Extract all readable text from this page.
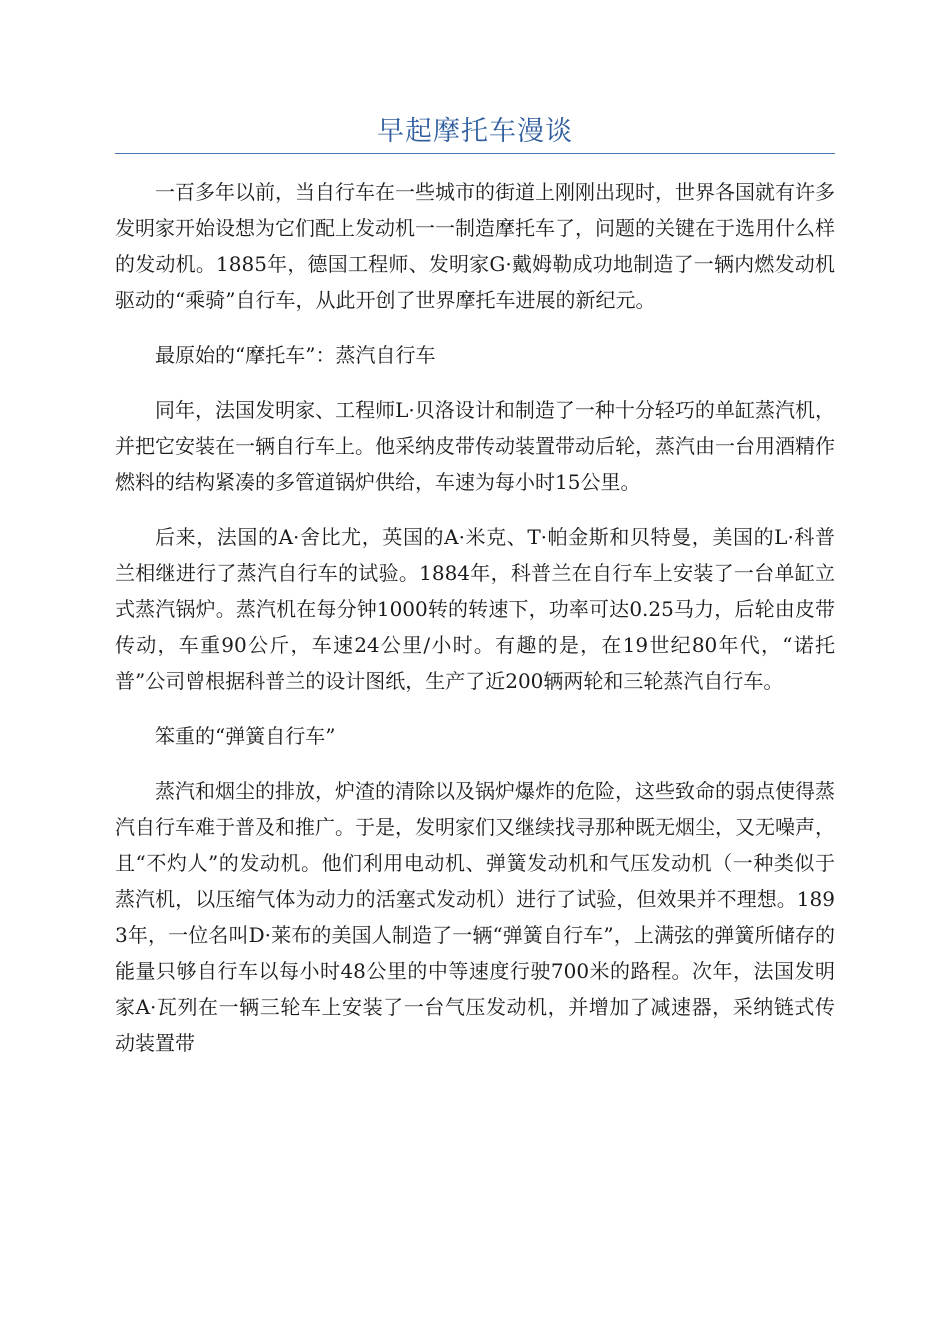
早起摩托车漫谈

一百多年以前，当自行车在一些城市的街道上刚刚出现时，世界各国就有许多发明家开始设想为它们配上发动机一一制造摩托车了，问题的关键在于选用什么样的发动机。1885年，德国工程师、发明家G·戴姆勒成功地制造了一辆内燃发动机驱动的“乘骑”自行车，从此开创了世界摩托车进展的新纪元。

最原始的“摩托车”：蒸汽自行车

同年，法国发明家、工程师L·贝洛设计和制造了一种十分轻巧的单缸蒸汽机，并把它安装在一辆自行车上。他采纳皮带传动装置带动后轮，蒸汽由一台用酒精作燃料的结构紧凑的多管道锅炉供给，车速为每小时15公里。

后来，法国的A·舍比尤，英国的A·米克、T·帕金斯和贝特曼，美国的L·科普兰相继进行了蒸汽自行车的试验。1884年，科普兰在自行车上安装了一台单缸立式蒸汽锅炉。蒸汽机在每分钟1000转的转速下，功率可达0.25马力，后轮由皮带传动，车重90公斤，车速24公里/小时。有趣的是，在19世纪80年代，“诺托普”公司曾根据科普兰的设计图纸，生产了近200辆两轮和三轮蒸汽自行车。

笨重的“弹簧自行车”

蒸汽和烟尘的排放，炉渣的清除以及锅炉爆炸的危险，这些致命的弱点使得蒸汽自行车难于普及和推广。于是，发明家们又继续找寻那种既无烟尘，又无噪声，且“不灼人”的发动机。他们利用电动机、弹簧发动机和气压发动机（一种类似于蒸汽机，以压缩气体为动力的活塞式发动机）进行了试验，但效果并不理想。1893年，一位名叫D·莱布的美国人制造了一辆“弹簧自行车”，上满弦的弹簧所储存的能量只够自行车以每小时48公里的中等速度行驶700米的路程。次年，法国发明家A·瓦列在一辆三轮车上安装了一台气压发动机，并增加了减速器，采纳链式传动装置带
